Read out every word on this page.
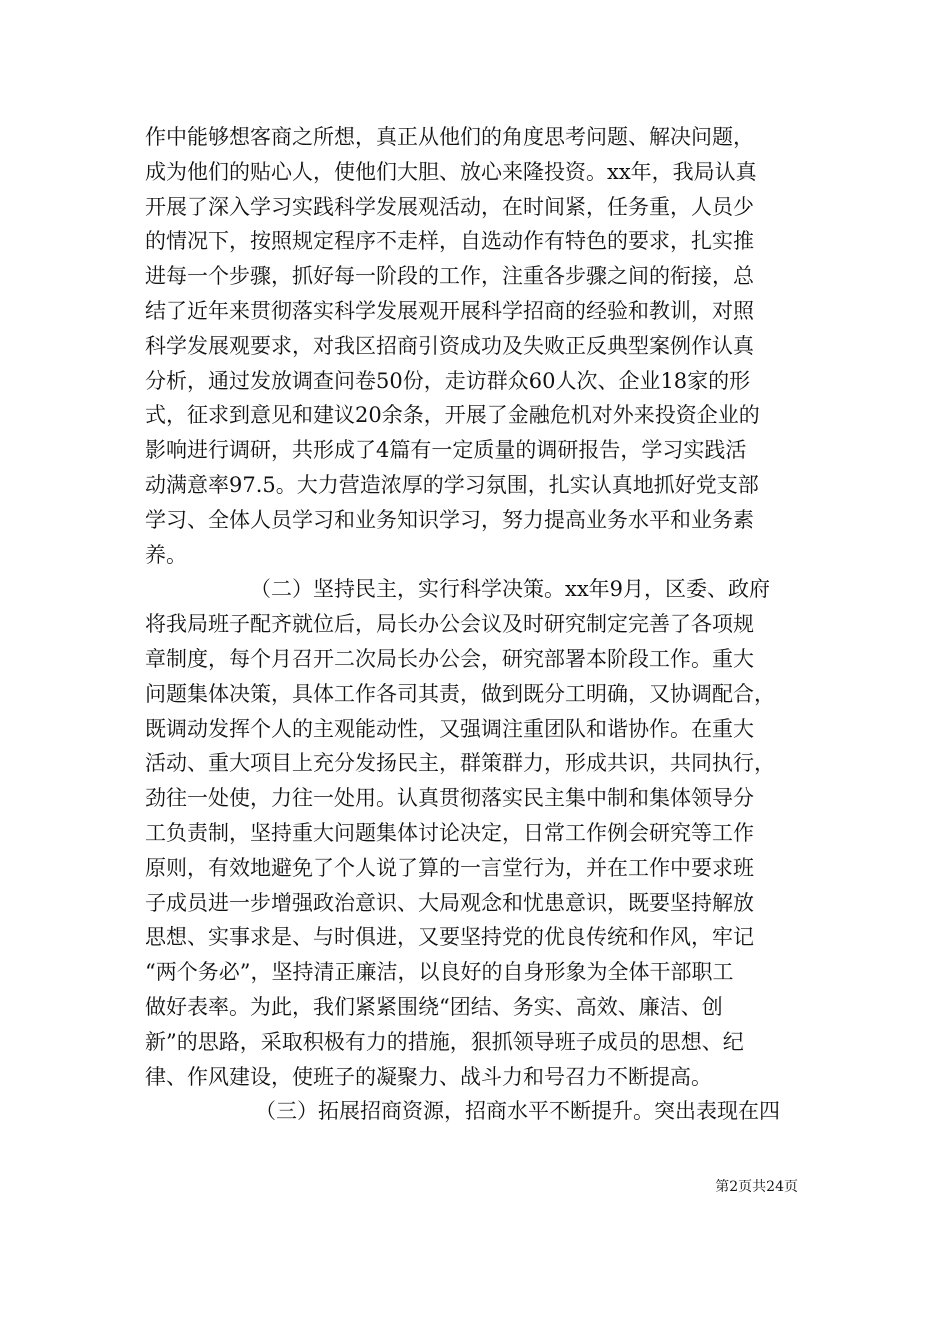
作中能够想客商之所想，真正从他们的角度思考问题、解决问题，
成为他们的贴心人，使他们大胆、放心来隆投资。xx年，我局认真
开展了深入学习实践科学发展观活动，在时间紧，任务重，人员少
的情况下，按照规定程序不走样，自选动作有特色的要求，扎实推
进每一个步骤，抓好每一阶段的工作，注重各步骤之间的衔接，总
结了近年来贯彻落实科学发展观开展科学招商的经验和教训，对照
科学发展观要求，对我区招商引资成功及失败正反典型案例作认真
分析，通过发放调查问卷50份，走访群众60人次、企业18家的形
式，征求到意见和建议20余条，开展了金融危机对外来投资企业的
影响进行调研，共形成了4篇有一定质量的调研报告，学习实践活
动满意率97.5。大力营造浓厚的学习氛围，扎实认真地抓好党支部
学习、全体人员学习和业务知识学习，努力提高业务水平和业务素
养。
（二）坚持民主，实行科学决策。xx年9月，区委、政府
将我局班子配齐就位后，局长办公会议及时研究制定完善了各项规
章制度，每个月召开二次局长办公会，研究部署本阶段工作。重大
问题集体决策，具体工作各司其责，做到既分工明确，又协调配合，
既调动发挥个人的主观能动性，又强调注重团队和谐协作。在重大
活动、重大项目上充分发扬民主，群策群力，形成共识，共同执行，
劲往一处使，力往一处用。认真贯彻落实民主集中制和集体领导分
工负责制，坚持重大问题集体讨论决定，日常工作例会研究等工作
原则，有效地避免了个人说了算的一言堂行为，并在工作中要求班
子成员进一步增强政治意识、大局观念和忧患意识，既要坚持解放
思想、实事求是、与时俱进，又要坚持党的优良传统和作风，牢记
“两个务必”，坚持清正廉洁，以良好的自身形象为全体干部职工
做好表率。为此，我们紧紧围绕“团结、务实、高效、廉洁、创
新”的思路，采取积极有力的措施，狠抓领导班子成员的思想、纪
律、作风建设，使班子的凝聚力、战斗力和号召力不断提高。
（三）拓展招商资源，招商水平不断提升。突出表现在四
第2页共24页
